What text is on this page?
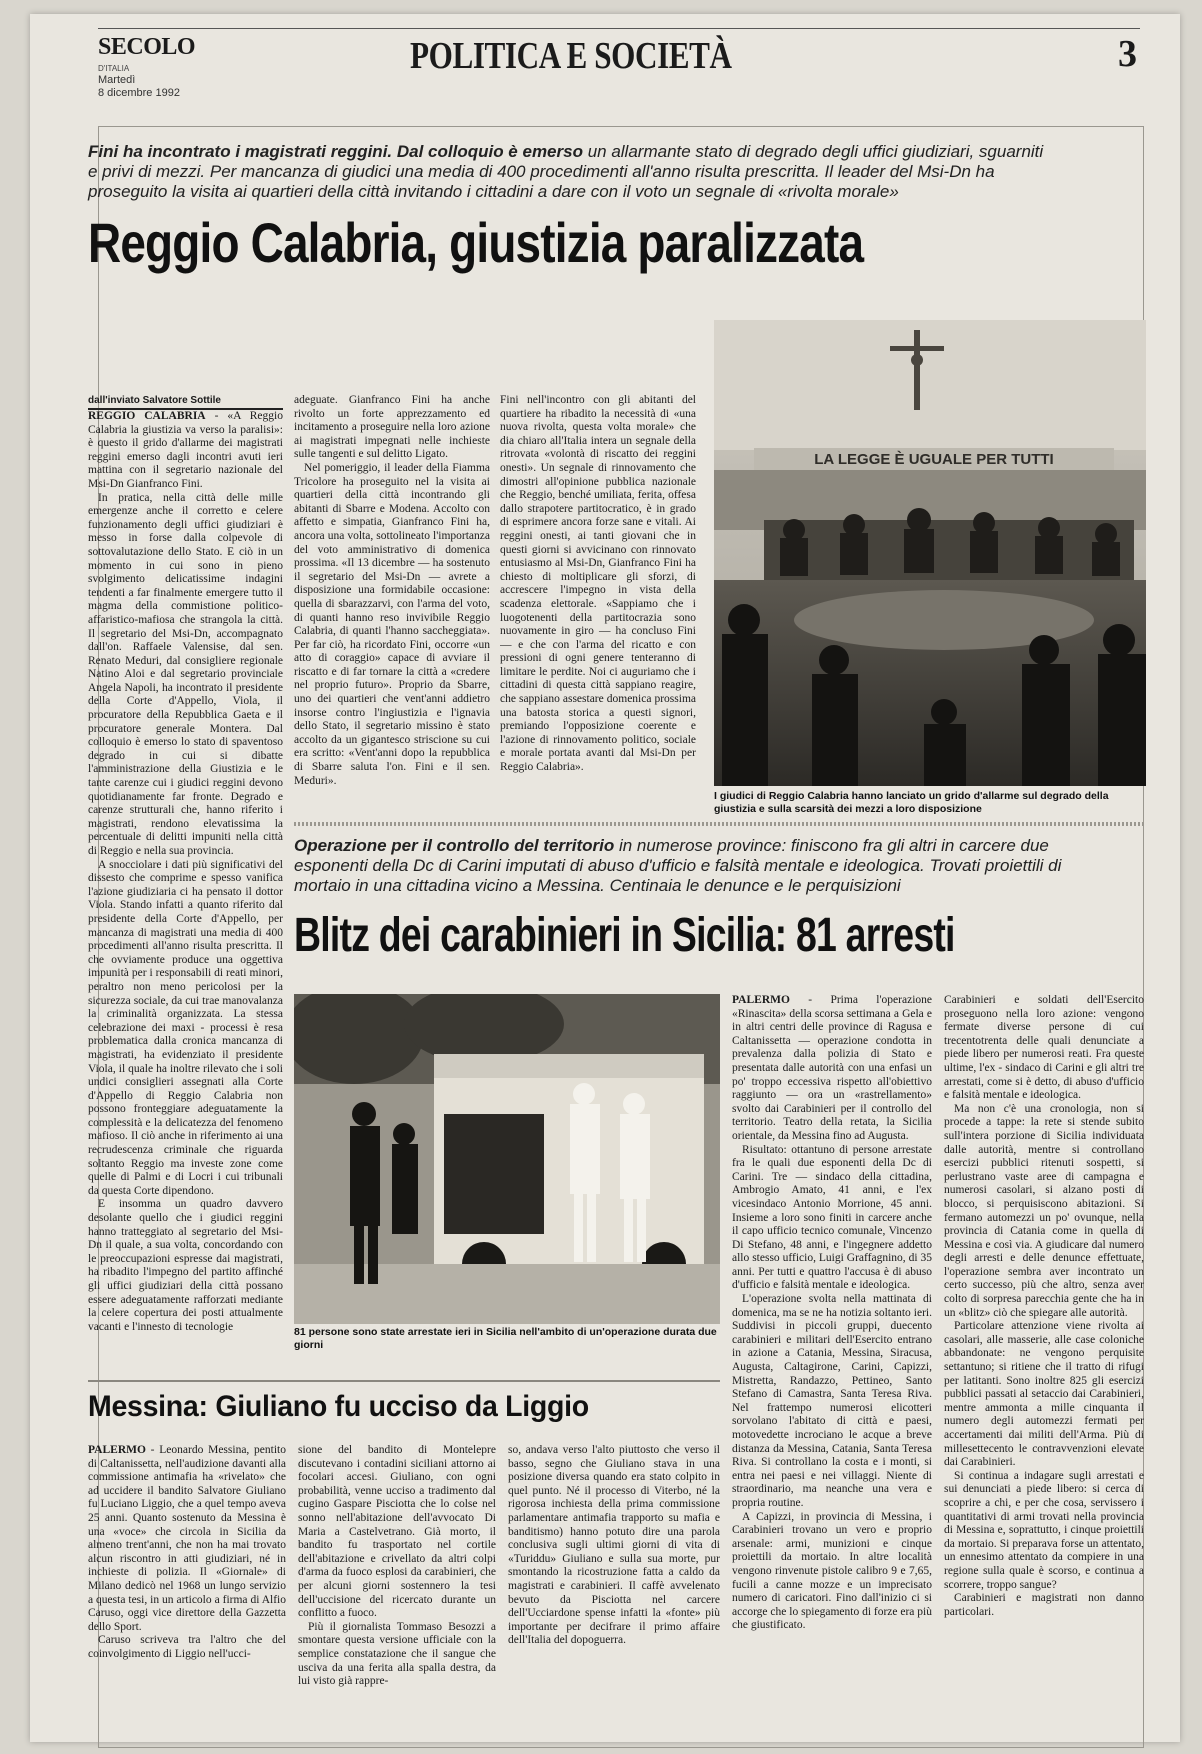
SECOLO
D'ITALIA
Martedì
8 dicembre 1992
POLITICA E SOCIETÀ	3
Fini ha incontrato i magistrati reggini. Dal colloquio è emerso un allarmante stato di degrado degli uffici giudiziari, sguarniti e privi di mezzi. Per mancanza di giudici una media di 400 procedimenti all'anno risulta prescritta. Il leader del Msi-Dn ha proseguito la visita ai quartieri della città invitando i cittadini a dare con il voto un segnale di «rivolta morale»
Reggio Calabria, giustizia paralizzata
dall'inviato Salvatore Sottile

REGGIO CALABRIA - «A Reggio Calabria la giustizia va verso la paralisi»: è questo il grido d'allarme dei magistrati reggini emerso dagli incontri avuti ieri mattina con il segretario nazionale del Msi-Dn Gianfranco Fini.

In pratica, nella città delle mille emergenze anche il corretto e celere funzionamento degli uffici giudiziari è messo in forse dalla colpevole di sottovalutazione dello Stato. E ciò in un momento in cui sono in pieno svolgimento delicatissime indagini tendenti a far finalmente emergere tutto il magma della commistione politico-affaristico-mafiosa che strangola la città. Il segretario del Msi-Dn, accompagnato dall'on. Raffaele Valensise, dal sen. Renato Meduri, dal consigliere regionale Natino Aloi e dal segretario provinciale Angela Napoli, ha incontrato il presidente della Corte d'Appello, Viola, il procuratore della Repubblica Gaeta e il procuratore generale Montera. Dal colloquio è emerso lo stato di spaventoso degrado in cui si dibatte l'amministrazione della Giustizia e le tante carenze cui i giudici reggini devono quotidianamente far fronte. Degrado e carenze strutturali che, hanno riferito i magistrati, rendono elevatissima la percentuale di delitti impuniti nella città di Reggio e nella sua provincia.

A snocciolare i dati più significativi del dissesto che comprime e spesso vanifica l'azione giudiziaria ci ha pensato il dottor Viola. Stando infatti a quanto riferito dal presidente della Corte d'Appello, per mancanza di magistrati una media di 400 procedimenti all'anno risulta prescritta. Il che ovviamente produce una oggettiva impunità per i responsabili di reati minori, peraltro non meno pericolosi per la sicurezza sociale, da cui trae manovalanza la criminalità organizzata. La stessa celebrazione dei maxi - processi è resa problematica dalla cronica mancanza di magistrati, ha evidenziato il presidente Viola, il quale ha inoltre rilevato che i soli undici consiglieri assegnati alla Corte d'Appello di Reggio Calabria non possono fronteggiare adeguatamente la complessità e la delicatezza del fenomeno mafioso. Il ciò anche in riferimento ai una recrudescenza criminale che riguarda soltanto Reggio ma investe zone come quelle di Palmi e di Locri i cui tribunali da questa Corte dipendono.

E insomma un quadro davvero desolante quello che i giudici reggini hanno tratteggiato al segretario del Msi-Dn il quale, a sua volta, concordando con le preoccupazioni espresse dai magistrati, ha ribadito l'impegno del partito affinché gli uffici giudiziari della città possano essere adeguatamente rafforzati mediante la celere copertura dei posti attualmente vacanti e l'innesto di tecnologie

adeguate. Gianfranco Fini ha anche rivolto un forte apprezzamento ed incitamento a proseguire nella loro azione ai magistrati impegnati nelle inchieste sulle tangenti e sul delitto Ligato.

Nel pomeriggio, il leader della Fiamma Tricolore ha proseguito nel la visita ai quartieri della città incontrando gli abitanti di Sbarre e Modena. Accolto con affetto e simpatia, Gianfranco Fini ha, ancora una volta, sottolineato l'importanza del voto amministrativo di domenica prossima. «Il 13 dicembre — ha sostenuto il segretario del Msi-Dn — avrete a disposizione una formidabile occasione: quella di sbarazzarvi, con l'arma del voto, di quanti hanno reso invivibile Reggio Calabria, di quanti l'hanno saccheggiata». Per far ciò, ha ricordato Fini, occorre «un atto di coraggio» capace di avviare il riscatto e di far tornare la città a «credere nel proprio futuro». Proprio da Sbarre, uno dei quartieri che vent'anni addietro insorse contro l'ingiustizia e l'ignavia dello Stato, il segretario missino è stato accolto da un gigantesco striscione su cui era scritto: «Vent'anni dopo la repubblica di Sbarre saluta l'on. Fini e il sen. Meduri».

Fini nell'incontro con gli abitanti del quartiere ha ribadito la necessità di «una nuova rivolta, questa volta morale» che dia chiaro all'Italia intera un segnale della ritrovata «volontà di riscatto dei reggini onesti». Un segnale di rinnovamento che dimostri all'opinione pubblica nazionale che Reggio, benché umiliata, ferita, offesa dallo strapotere partitocratico, è in grado di esprimere ancora forze sane e vitali. Ai reggini onesti, ai tanti giovani che in questi giorni si avvicinano con rinnovato entusiasmo al Msi-Dn, Gianfranco Fini ha chiesto di moltiplicare gli sforzi, di accrescere l'impegno in vista della scadenza elettorale. «Sappiamo che i luogotenenti della partitocrazia sono nuovamente in giro — ha concluso Fini — e che con l'arma del ricatto e con pressioni di ogni genere tenteranno di limitare le perdite. Noi ci auguriamo che i cittadini di questa città sappiano reagire, che sappiano assestare domenica prossima una batosta storica a questi signori, premiando l'opposizione coerente e l'azione di rinnovamento politico, sociale e morale portata avanti dal Msi-Dn per Reggio Calabria».

LA LEGGE È UGUALE PER TUTTI
I giudici di Reggio Calabria hanno lanciato un grido d'allarme sul degrado della giustizia e sulla scarsità dei mezzi a loro disposizione
Operazione per il controllo del territorio in numerose province: finiscono fra gli altri in carcere due esponenti della Dc di Carini imputati di abuso d'ufficio e falsità mentale e ideologica. Trovati proiettili di mortaio in una cittadina vicino a Messina. Centinaia le denunce e le perquisizioni
Blitz dei carabinieri in Sicilia: 81 arresti
81 persone sono state arrestate ieri in Sicilia nell'ambito di un'operazione durata due giorni

PALERMO - Prima l'operazione «Rinascita» della scorsa settimana a Gela e in altri centri delle province di Ragusa e Caltanissetta — operazione condotta in prevalenza dalla polizia di Stato e presentata dalle autorità con una enfasi un po' troppo eccessiva rispetto all'obiettivo raggiunto — ora un «rastrellamento» svolto dai Carabinieri per il controllo del territorio. Teatro della retata, la Sicilia orientale, da Messina fino ad Augusta.

Risultato: ottantuno di persone arrestate fra le quali due esponenti della Dc di Carini. Tre — sindaco della cittadina, Ambrogio Amato, 41 anni, e l'ex vicesindaco Antonio Morrione, 45 anni. Insieme a loro sono finiti in carcere anche il capo ufficio tecnico comunale, Vincenzo Di Stefano, 48 anni, e l'ingegnere addetto allo stesso ufficio, Luigi Graffagnino, di 35 anni. Per tutti e quattro l'accusa è di abuso d'ufficio e falsità mentale e ideologica.

L'operazione svolta nella mattinata di domenica, ma se ne ha notizia soltanto ieri. Suddivisi in piccoli gruppi, duecento carabinieri e militari dell'Esercito entrano in azione a Catania, Messina, Siracusa, Augusta, Caltagirone, Carini, Capizzi, Mistretta, Randazzo, Pettineo, Santo Stefano di Camastra, Santa Teresa Riva. Nel frattempo numerosi elicotteri sorvolano l'abitato di città e paesi, motovedette incrociano le acque a breve distanza da Messina, Catania, Santa Teresa Riva. Si controllano la costa e i monti, si entra nei paesi e nei villaggi. Niente di straordinario, ma neanche una vera e propria routine.

A Capizzi, in provincia di Messina, i Carabinieri trovano un vero e proprio arsenale: armi, munizioni e cinque proiettili da mortaio. In altre località vengono rinvenute pistole calibro 9 e 7,65, fucili a canne mozze e un imprecisato numero di caricatori. Fino dall'inizio ci si accorge che lo spiegamento di forze era più che giustificato.

Carabinieri e soldati dell'Esercito proseguono nella loro azione: vengono fermate diverse persone di cui trecentotrenta delle quali denunciate a piede libero per numerosi reati. Fra queste ultime, l'ex - sindaco di Carini e gli altri tre arrestati, come si è detto, di abuso d'ufficio e falsità mentale e ideologica.

Ma non c'è una cronologia, non si procede a tappe: la rete si stende subito sull'intera porzione di Sicilia individuata dalle autorità, mentre si controllano esercizi pubblici ritenuti sospetti, si perlustrano vaste aree di campagna e numerosi casolari, si alzano posti di blocco, si perquisiscono abitazioni. Si fermano automezzi un po' ovunque, nella provincia di Catania come in quella di Messina e così via. A giudicare dal numero degli arresti e delle denunce effettuate, l'operazione sembra aver incontrato un certo successo, più che altro, senza aver colto di sorpresa parecchia gente che ha in un «blitz» ciò che spiegare alle autorità.

Particolare attenzione viene rivolta ai casolari, alle masserie, alle case coloniche abbandonate: ne vengono perquisite settantuno; si ritiene che il tratto di rifugi per latitanti. Sono inoltre 825 gli esercizi pubblici passati al setaccio dai Carabinieri, mentre ammonta a mille cinquanta il numero degli automezzi fermati per accertamenti dai militi dell'Arma. Più di millesettecento le contravvenzioni elevate dai Carabinieri.

Si continua a indagare sugli arrestati e sui denunciati a piede libero: si cerca di scoprire a chi, e per che cosa, servissero i quantitativi di armi trovati nella provincia di Messina e, soprattutto, i cinque proiettili da mortaio. Si preparava forse un attentato, un ennesimo attentato da compiere in una regione sulla quale è scorso, e continua a scorrere, troppo sangue?

Carabinieri e magistrati non danno particolari.

Messina: Giuliano fu ucciso da Liggio

PALERMO - Leonardo Messina, pentito di Caltanissetta, nell'audizione davanti alla commissione antimafia ha «rivelato» che ad uccidere il bandito Salvatore Giuliano fu Luciano Liggio, che a quel tempo aveva 25 anni. Quanto sostenuto da Messina è una «voce» che circola in Sicilia da almeno trent'anni, che non ha mai trovato alcun riscontro in atti giudiziari, né in inchieste di polizia. Il «Giornale» di Milano dedicò nel 1968 un lungo servizio a questa tesi, in un articolo a firma di Alfio Caruso, oggi vice direttore della Gazzetta dello Sport.

Caruso scriveva tra l'altro che del coinvolgimento di Liggio nell'ucci-

sione del bandito di Montelepre discutevano i contadini siciliani attorno ai focolari accesi. Giuliano, con ogni probabilità, venne ucciso a tradimento dal cugino Gaspare Pisciotta che lo colse nel sonno nell'abitazione dell'avvocato Di Maria a Castelvetrano. Già morto, il bandito fu trasportato nel cortile dell'abitazione e crivellato da altri colpi d'arma da fuoco esplosi da carabinieri, che per alcuni giorni sostennero la tesi dell'uccisione del ricercato durante un conflitto a fuoco.

Più il giornalista Tommaso Besozzi a smontare questa versione ufficiale con la semplice constatazione che il sangue che usciva da una ferita alla spalla destra, da lui visto già rappre-

so, andava verso l'alto piuttosto che verso il basso, segno che Giuliano stava in una posizione diversa quando era stato colpito in quel punto. Né il processo di Viterbo, né la rigorosa inchiesta della prima commissione parlamentare antimafia trapporto su mafia e banditismo) hanno potuto dire una parola conclusiva sugli ultimi giorni di vita di «Turiddu» Giuliano e sulla sua morte, pur smontando la ricostruzione fatta a caldo da magistrati e carabinieri. Il caffè avvelenato bevuto da Pisciotta nel carcere dell'Ucciardone spense infatti la «fonte» più importante per decifrare il primo affaire dell'Italia del dopoguerra.
